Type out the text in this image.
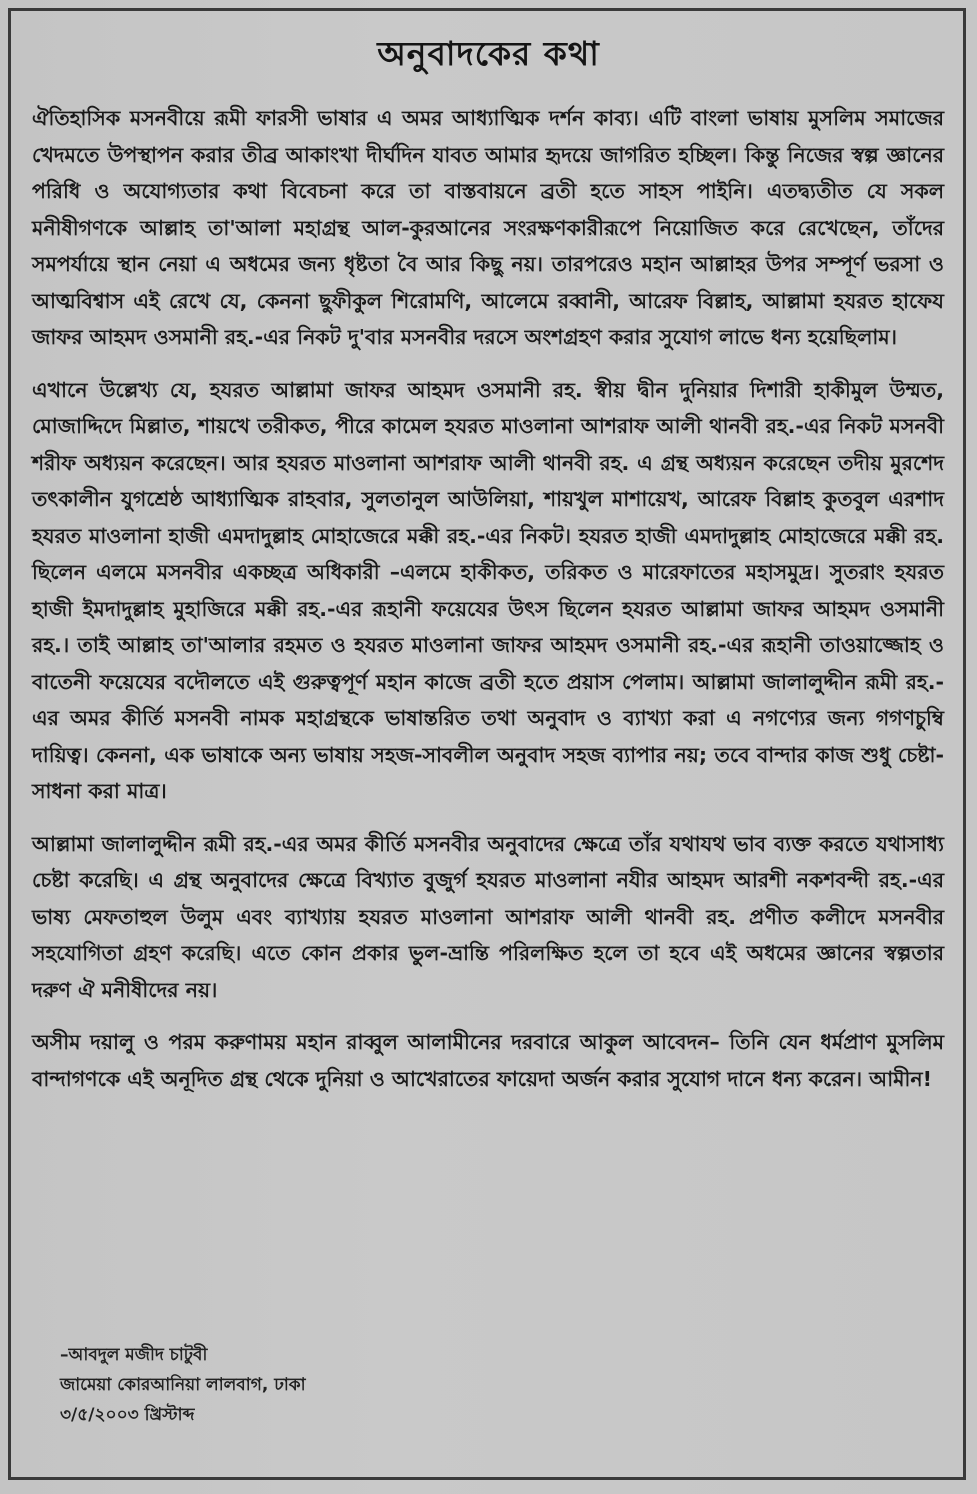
অনুবাদকের কথা

ঐতিহাসিক মসনবীয়ে রূমী ফারসী ভাষার এ অমর আধ্যাত্মিক দর্শন কাব্য। এটি বাংলা ভাষায় মুসলিম সমাজের খেদমতে উপস্থাপন করার তীব্র আকাংখা দীর্ঘদিন যাবত আমার হৃদয়ে জাগরিত হচ্ছিল। কিন্তু নিজের স্বল্প জ্ঞানের পরিধি ও অযোগ্যতার কথা বিবেচনা করে তা বাস্তবায়নে ব্রতী হতে সাহস পাইনি। এতদ্ব্যতীত যে সকল মনীষীগণকে আল্লাহ তা'আলা মহাগ্রন্থ আল-কুরআনের সংরক্ষণকারীরূপে নিয়োজিত করে রেখেছেন, তাঁদের সমপর্যায়ে স্থান নেয়া এ অধমের জন্য ধৃষ্টতা বৈ আর কিছু নয়। তারপরেও মহান আল্লাহর উপর সম্পূর্ণ ভরসা ও আত্মবিশ্বাস এই রেখে যে, কেননা ছুফীকুল শিরোমণি, আলেমে রব্বানী, আরেফ বিল্লাহ, আল্লামা হযরত হাফেয জাফর আহমদ ওসমানী রহ.-এর নিকট দু'বার মসনবীর দরসে অংশগ্রহণ করার সুযোগ লাভে ধন্য হয়েছিলাম।

এখানে উল্লেখ্য যে, হযরত আল্লামা জাফর আহমদ ওসমানী রহ. স্বীয় দ্বীন দুনিয়ার দিশারী হাকীমুল উম্মত, মোজাদ্দিদে মিল্লাত, শায়খে তরীকত, পীরে কামেল হযরত মাওলানা আশরাফ আলী থানবী রহ.-এর নিকট মসনবী শরীফ অধ্যয়ন করেছেন। আর হযরত মাওলানা আশরাফ আলী থানবী রহ. এ গ্রন্থ অধ্যয়ন করেছেন তদীয় মুরশেদ তৎকালীন যুগশ্রেষ্ঠ আধ্যাত্মিক রাহবার, সুলতানুল আউলিয়া, শায়খুল মাশায়েখ, আরেফ বিল্লাহ কুতবুল এরশাদ হযরত মাওলানা হাজী এমদাদুল্লাহ মোহাজেরে মক্কী রহ.-এর নিকট। হযরত হাজী এমদাদুল্লাহ মোহাজেরে মক্কী রহ. ছিলেন এলমে মসনবীর একচ্ছত্র অধিকারী –এলমে হাকীকত, তরিকত ও মারেফাতের মহাসমুদ্র। সুতরাং হযরত হাজী ইমদাদুল্লাহ মুহাজিরে মক্কী রহ.-এর রূহানী ফয়েযের উৎস ছিলেন হযরত আল্লামা জাফর আহমদ ওসমানী রহ.। তাই আল্লাহ তা'আলার রহমত ও হযরত মাওলানা জাফর আহমদ ওসমানী রহ.-এর রূহানী তাওয়াজ্জোহ ও বাতেনী ফয়েযের বদৌলতে এই গুরুত্বপূর্ণ মহান কাজে ব্রতী হতে প্রয়াস পেলাম। আল্লামা জালালুদ্দীন রূমী রহ.-এর অমর কীর্তি মসনবী নামক মহাগ্রন্থকে ভাষান্তরিত তথা অনুবাদ ও ব্যাখ্যা করা এ নগণ্যের জন্য গগণচুম্বি দায়িত্ব। কেননা, এক ভাষাকে অন্য ভাষায় সহজ-সাবলীল অনুবাদ সহজ ব্যাপার নয়; তবে বান্দার কাজ শুধু চেষ্টা-সাধনা করা মাত্র।

আল্লামা জালালুদ্দীন রূমী রহ.-এর অমর কীর্তি মসনবীর অনুবাদের ক্ষেত্রে তাঁর যথাযথ ভাব ব্যক্ত করতে যথাসাধ্য চেষ্টা করেছি। এ গ্রন্থ অনুবাদের ক্ষেত্রে বিখ্যাত বুজুর্গ হযরত মাওলানা নযীর আহমদ আরশী নকশবন্দী রহ.-এর ভাষ্য মেফতাহুল উলুম এবং ব্যাখ্যায় হযরত মাওলানা আশরাফ আলী থানবী রহ. প্রণীত কলীদে মসনবীর সহযোগিতা গ্রহণ করেছি। এতে কোন প্রকার ভুল-ভ্রান্তি পরিলক্ষিত হলে তা হবে এই অধমের জ্ঞানের স্বল্পতার দরুণ ঐ মনীষীদের নয়।

অসীম দয়ালু ও পরম করুণাময় মহান রাব্বুল আলামীনের দরবারে আকুল আবেদন– তিনি যেন ধর্মপ্রাণ মুসলিম বান্দাগণকে এই অনূদিত গ্রন্থ থেকে দুনিয়া ও আখেরাতের ফায়েদা অর্জন করার সুযোগ দানে ধন্য করেন। আমীন!

–আবদুল মজীদ চাটুবী
জামেয়া কোরআনিয়া লালবাগ, ঢাকা
৩/৫/২০০৩ খ্রিস্টাব্দ
